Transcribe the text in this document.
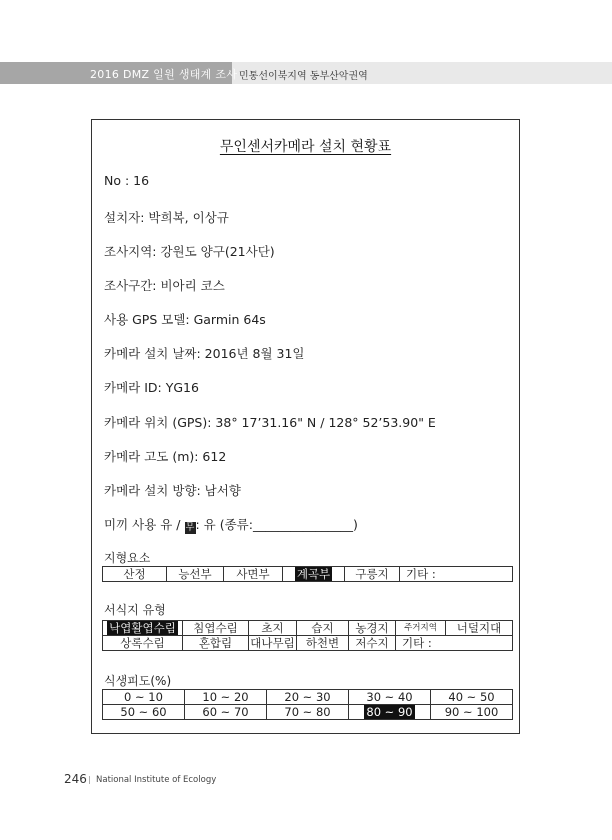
2016 DMZ 일원 생태계 조사 민통선이북지역 동부산악권역
무인센서카메라 설치 현황표
No : 16
설치자: 박희복, 이상규
조사지역: 강원도 양구(21사단)
조사구간: 비아리 코스
사용 GPS 모델: Garmin 64s
카메라 설치 날짜: 2016년 8월 31일
카메라 ID: YG16
카메라 위치 (GPS): 38° 17’31.16" N / 128° 52’53.90" E
카메라 고도 (m): 612
카메라 설치 방향: 남서향
미끼 사용 유 / 무: 유 (종류:________________)
지형요소
산정	능선부	사면부	계곡부	구릉지	기타 :
서식지 유형
낙엽활엽수림	침엽수림	초지	습지	농경지	주거지역	너덜지대
상록수림	혼합림	대나무림	하천변	저수지	기타 :
식생피도(%)
0 ~ 10	10 ~ 20	20 ~ 30	30 ~ 40	40 ~ 50
50 ~ 60	60 ~ 70	70 ~ 80	80 ~ 90	90 ~ 100
246 | National Institute of Ecology
